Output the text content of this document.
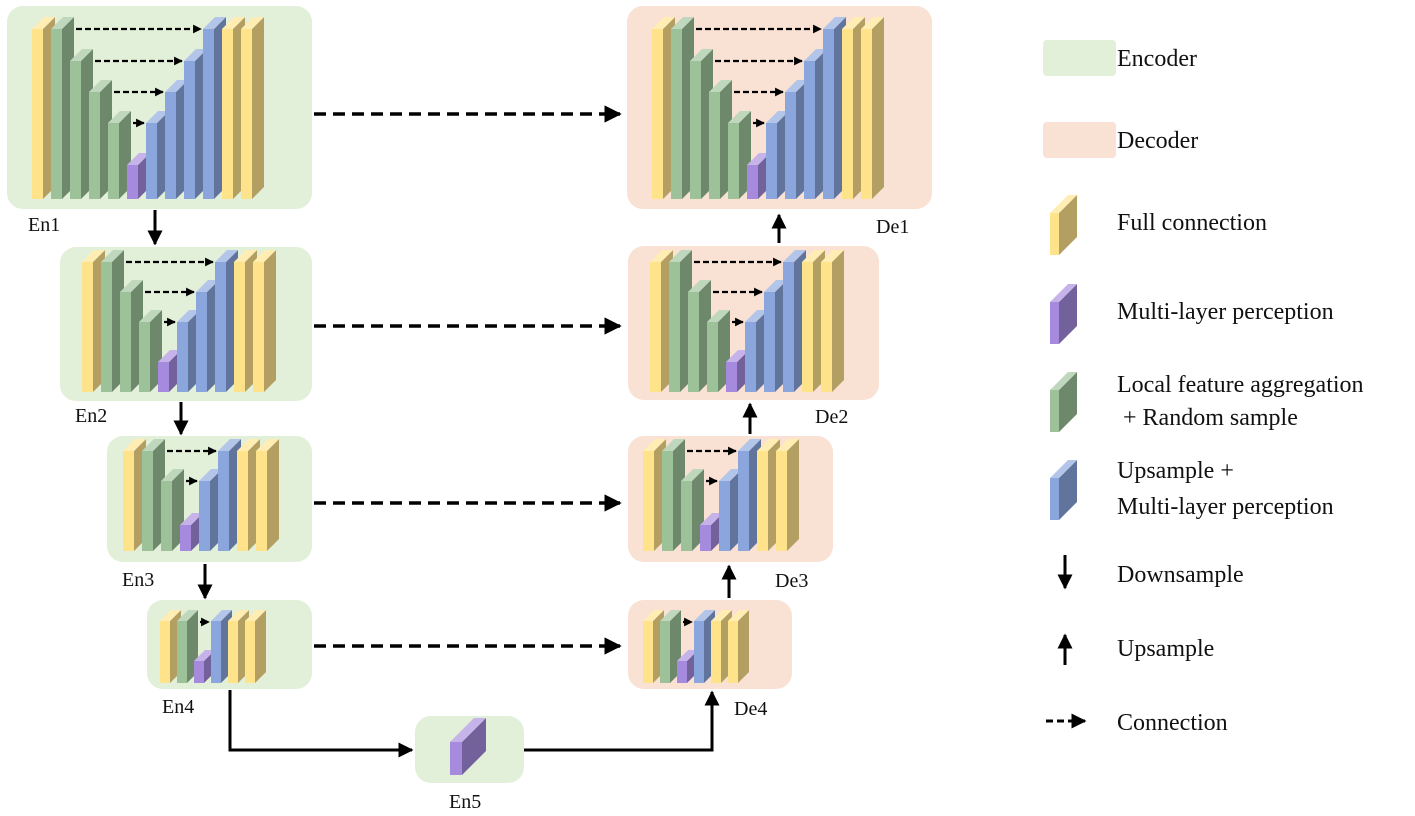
En1
En2
En3
En4
En5
De1
De2
De3
De4
Encoder
Decoder
Full connection
Multi-layer perception
Local feature aggregation
+ Random sample
Upsample +
Multi-layer perception
Downsample
Upsample
Connection
